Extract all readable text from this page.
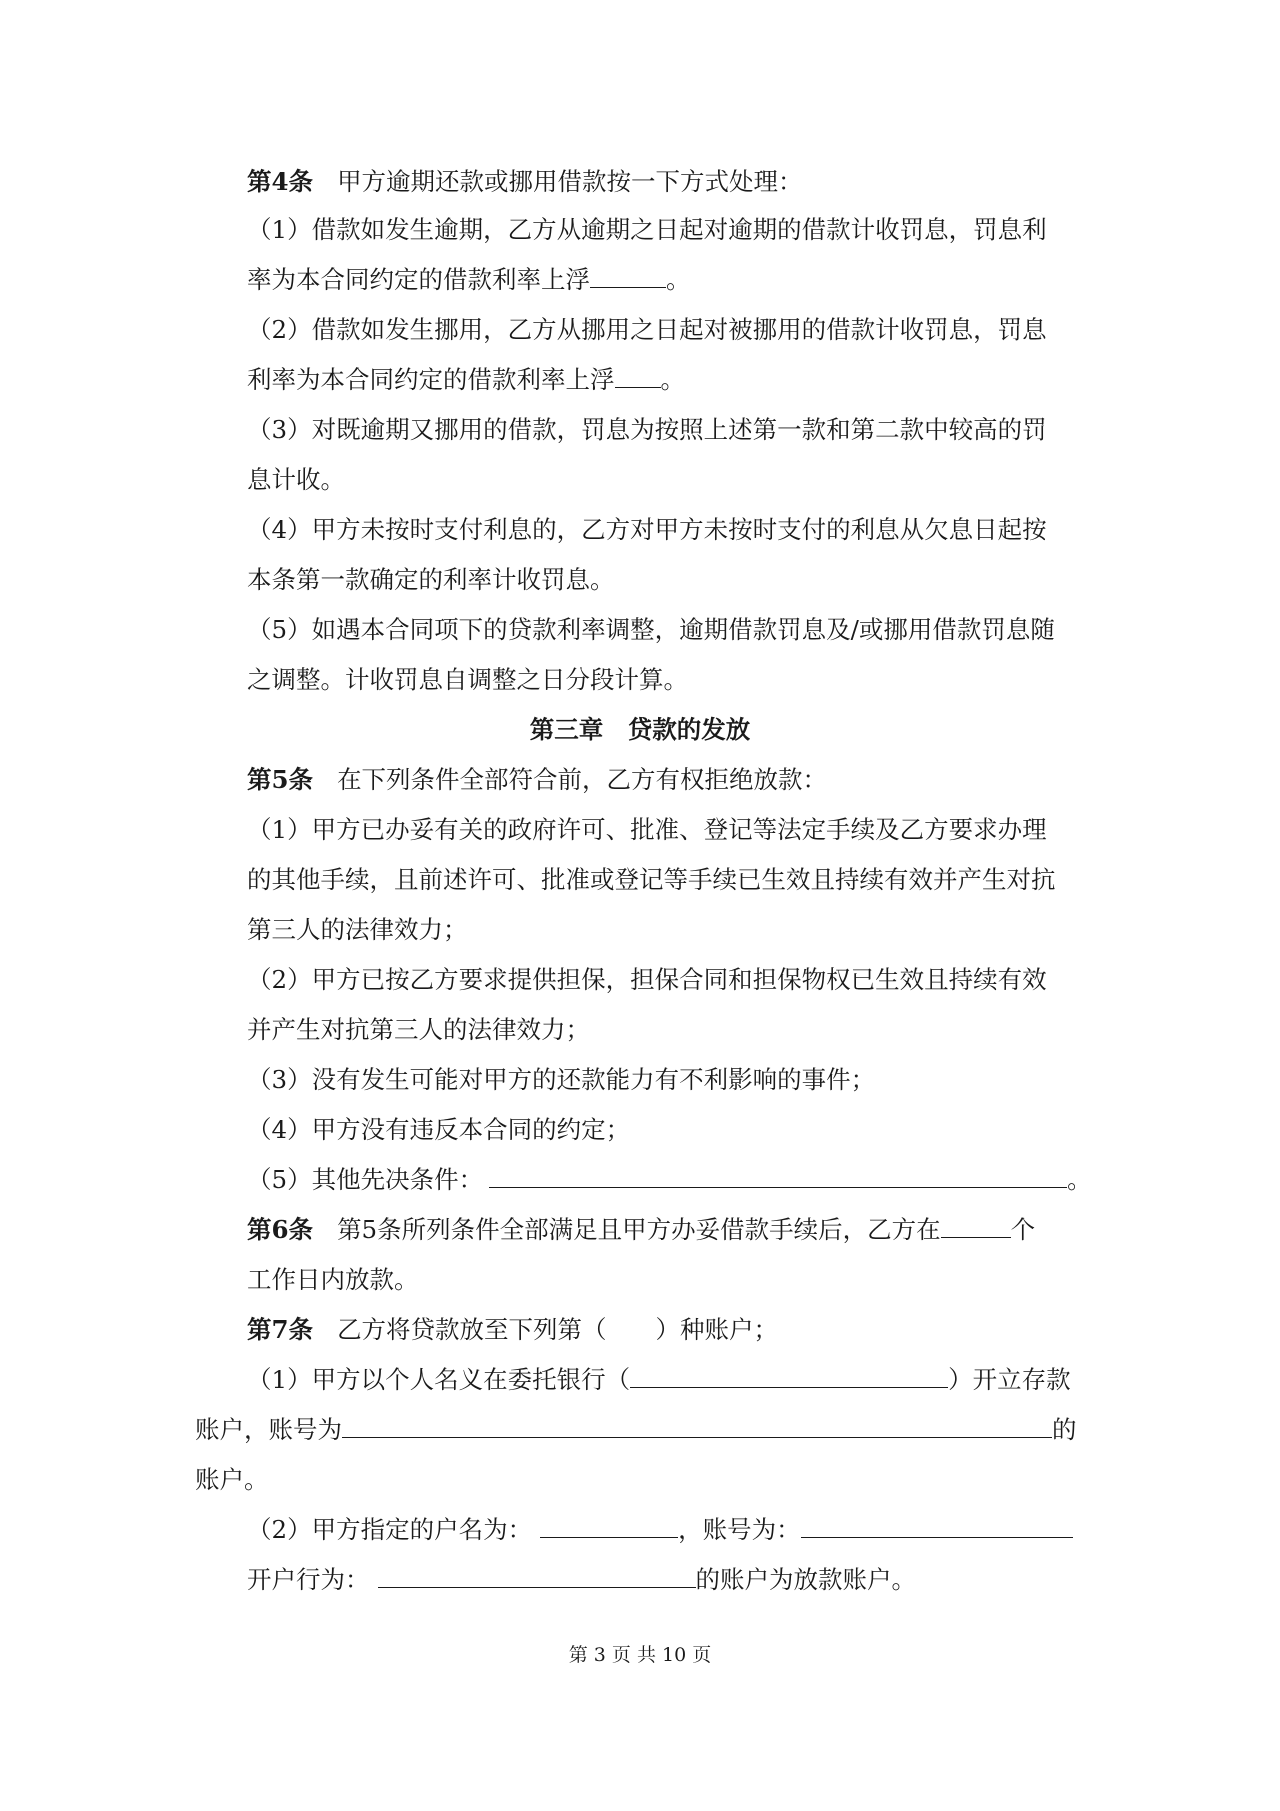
第4条 甲方逾期还款或挪用借款按一下方式处理：
（1）借款如发生逾期，乙方从逾期之日起对逾期的借款计收罚息，罚息利
率为本合同约定的借款利率上浮	。
（2）借款如发生挪用，乙方从挪用之日起对被挪用的借款计收罚息，罚息
利率为本合同约定的借款利率上浮 。
（3）对既逾期又挪用的借款，罚息为按照上述第一款和第二款中较高的罚
息计收。
（4）甲方未按时支付利息的，乙方对甲方未按时支付的利息从欠息日起按
本条第一款确定的利率计收罚息。
（5）如遇本合同项下的贷款利率调整，逾期借款罚息及/或挪用借款罚息随
之调整。计收罚息自调整之日分段计算。
第三章　贷款的发放
第5条 在下列条件全部符合前，乙方有权拒绝放款：
（1）甲方已办妥有关的政府许可、批准、登记等法定手续及乙方要求办理
的其他手续，且前述许可、批准或登记等手续已生效且持续有效并产生对抗
第三人的法律效力；
（2）甲方已按乙方要求提供担保，担保合同和担保物权已生效且持续有效
并产生对抗第三人的法律效力；
（3）没有发生可能对甲方的还款能力有不利影响的事件；
（4）甲方没有违反本合同的约定；
（5）其他先决条件：	。
第6条 第5条所列条件全部满足且甲方办妥借款手续后，乙方在	个
工作日内放款。
第7条 乙方将贷款放至下列第（　　）种账户；
（1）甲方以个人名义在委托银行（	）开立存款
账户，账号为	的
账户。
（2）甲方指定的户名为：	，账号为：
开户行为：	的账户为放款账户。
第 3 页 共 10 页
